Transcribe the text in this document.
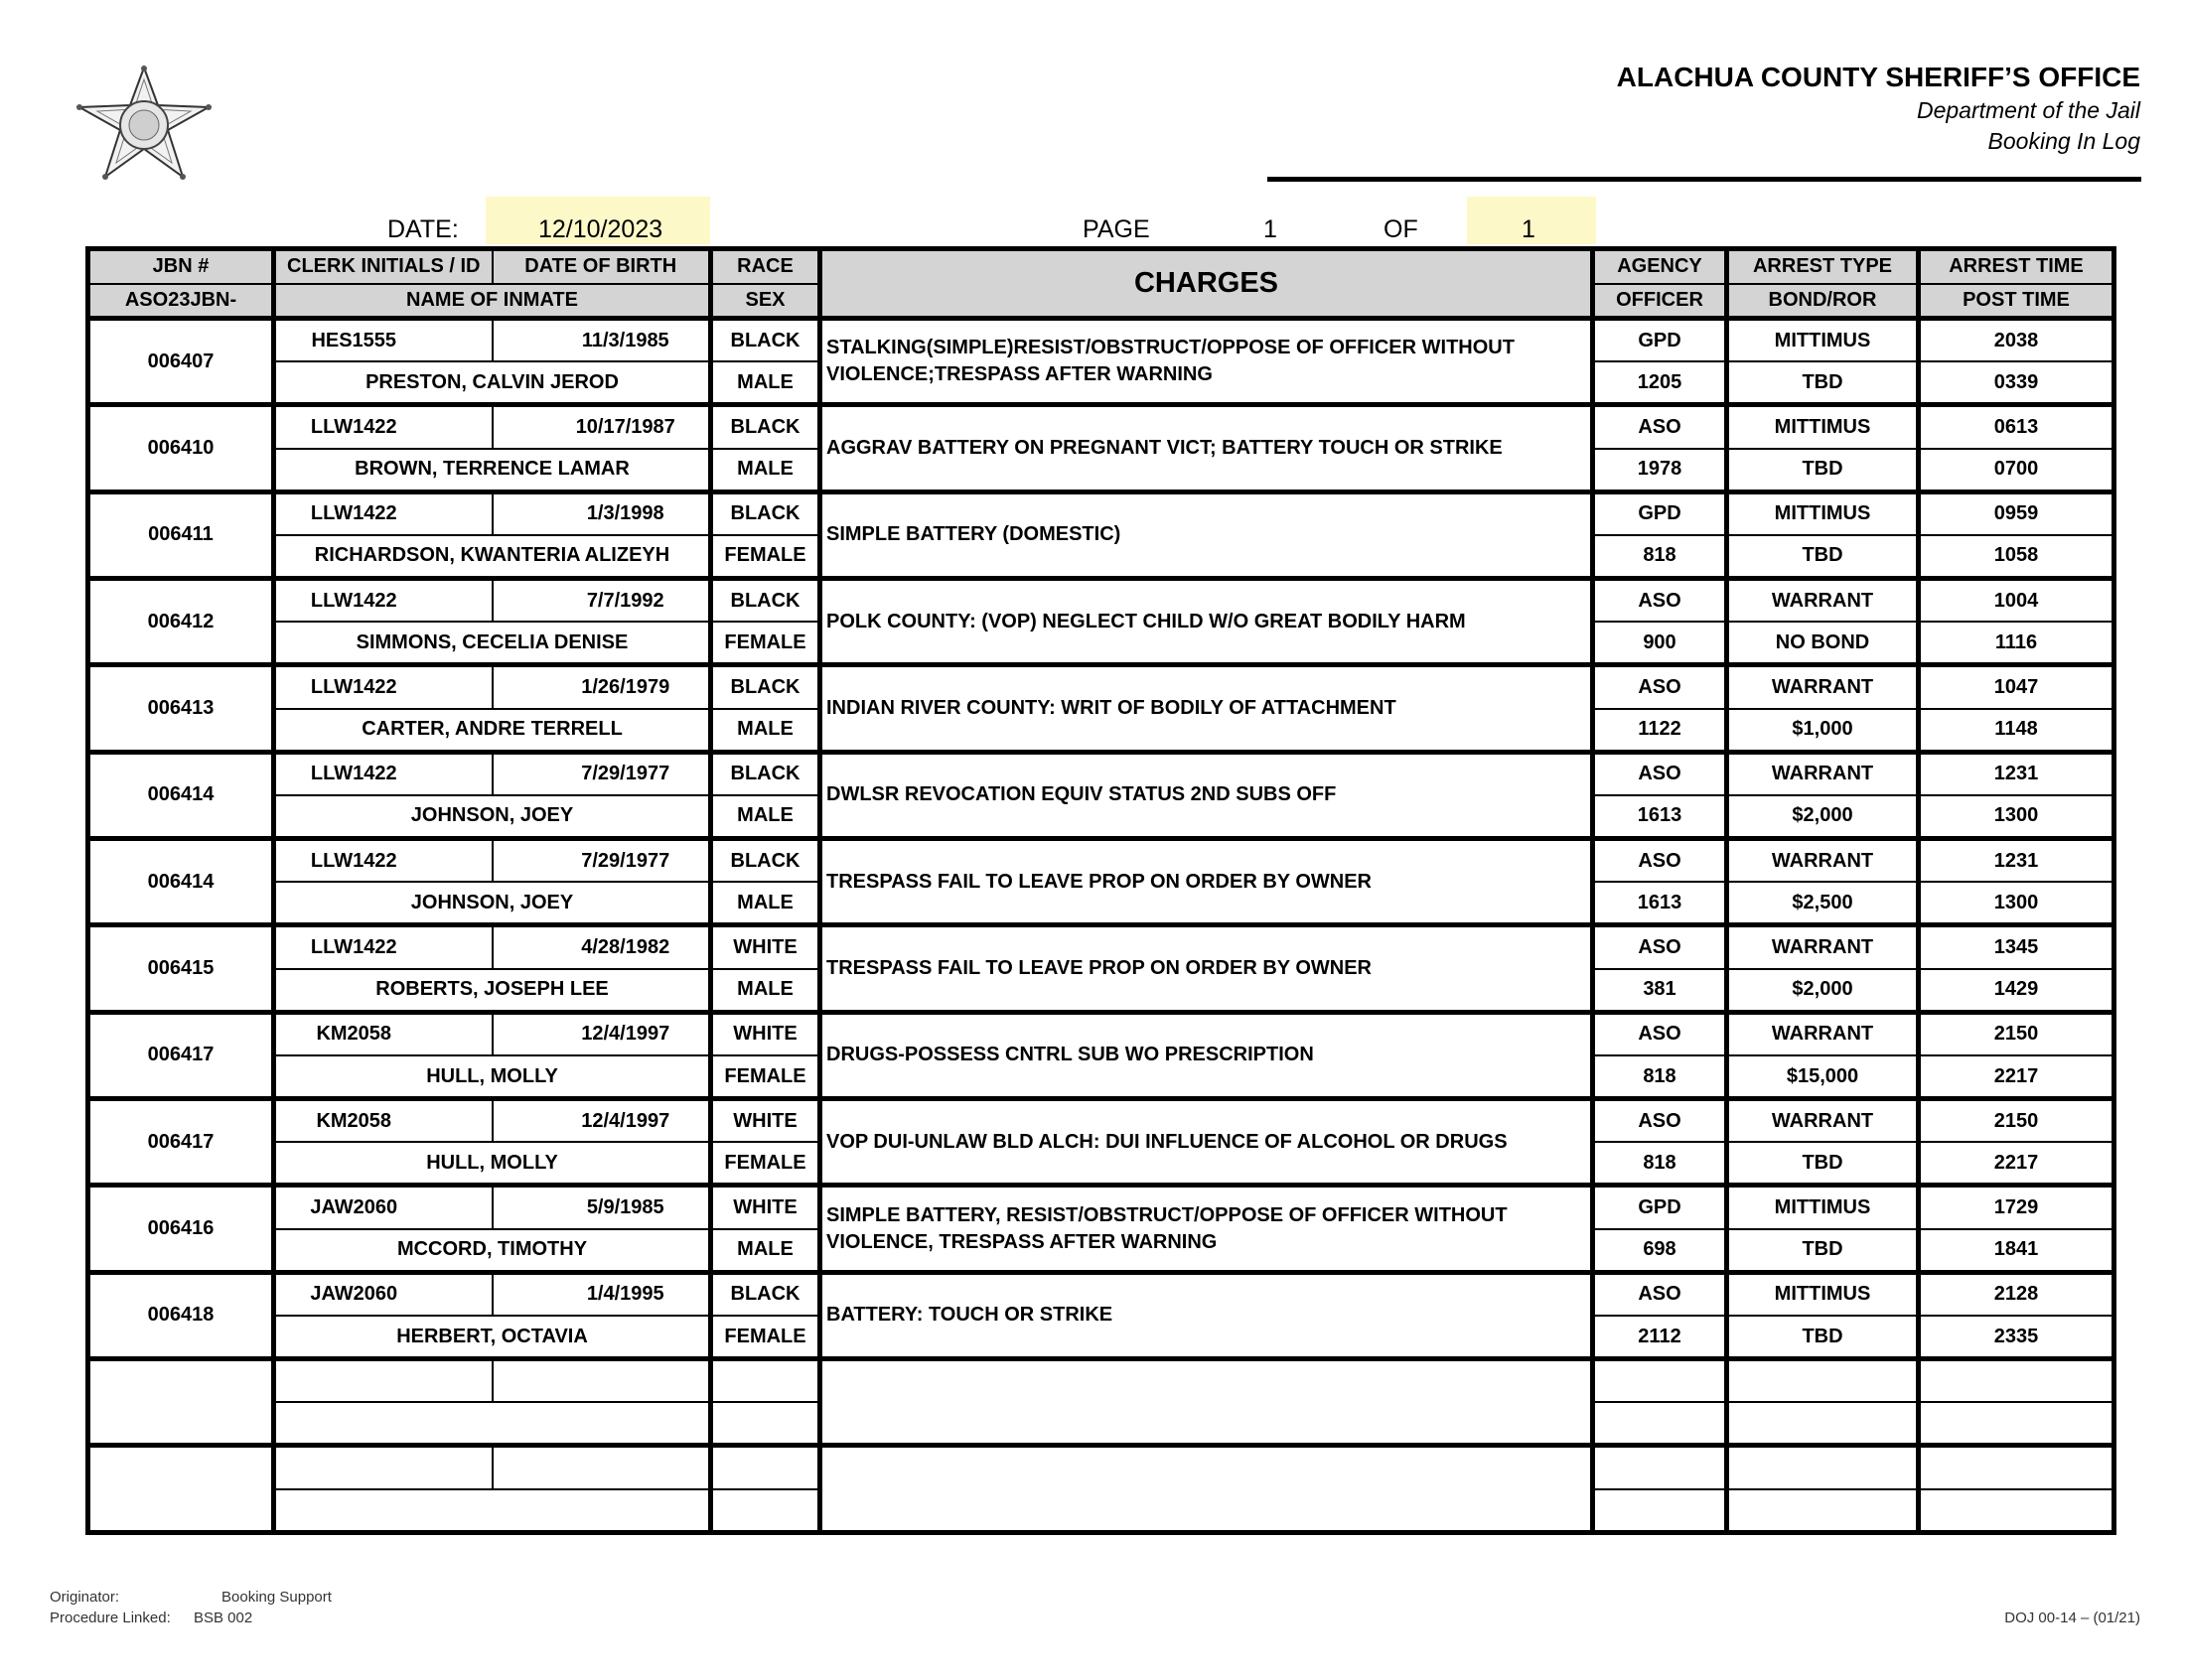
ALACHUA COUNTY SHERIFF’S OFFICE
Department of the Jail
Booking In Log
DATE:	12/10/2023	PAGE	1	OF	1
JBN #	CLERK INITIALS / ID	DATE OF BIRTH	RACE	CHARGES	AGENCY	ARREST TYPE	ARREST TIME
ASO23JBN-	NAME OF INMATE		SEX		OFFICER	BOND/ROR	POST TIME
006407	HES1555	11/3/1985	BLACK	STALKING(SIMPLE)RESIST/OBSTRUCT/OPPOSE OF OFFICER WITHOUT VIOLENCE;TRESPASS AFTER WARNING	GPD	MITTIMUS	2038
	PRESTON, CALVIN JEROD		MALE		1205	TBD	0339
006410	LLW1422	10/17/1987	BLACK	AGGRAV BATTERY ON PREGNANT VICT; BATTERY TOUCH OR STRIKE	ASO	MITTIMUS	0613
	BROWN, TERRENCE LAMAR		MALE		1978	TBD	0700
006411	LLW1422	1/3/1998	BLACK	SIMPLE BATTERY (DOMESTIC)	GPD	MITTIMUS	0959
	RICHARDSON, KWANTERIA ALIZEYH		FEMALE		818	TBD	1058
006412	LLW1422	7/7/1992	BLACK	POLK COUNTY: (VOP) NEGLECT CHILD W/O GREAT BODILY HARM	ASO	WARRANT	1004
	SIMMONS, CECELIA DENISE		FEMALE		900	NO BOND	1116
006413	LLW1422	1/26/1979	BLACK	INDIAN RIVER COUNTY: WRIT OF BODILY OF ATTACHMENT	ASO	WARRANT	1047
	CARTER, ANDRE TERRELL		MALE		1122	$1,000	1148
006414	LLW1422	7/29/1977	BLACK	DWLSR REVOCATION EQUIV STATUS 2ND SUBS OFF	ASO	WARRANT	1231
	JOHNSON, JOEY		MALE		1613	$2,000	1300
006414	LLW1422	7/29/1977	BLACK	TRESPASS FAIL TO LEAVE PROP ON ORDER BY OWNER	ASO	WARRANT	1231
	JOHNSON, JOEY		MALE		1613	$2,500	1300
006415	LLW1422	4/28/1982	WHITE	TRESPASS FAIL TO LEAVE PROP ON ORDER BY OWNER	ASO	WARRANT	1345
	ROBERTS, JOSEPH LEE		MALE		381	$2,000	1429
006417	KM2058	12/4/1997	WHITE	DRUGS-POSSESS CNTRL SUB WO PRESCRIPTION	ASO	WARRANT	2150
	HULL, MOLLY		FEMALE		818	$15,000	2217
006417	KM2058	12/4/1997	WHITE	VOP DUI-UNLAW BLD ALCH: DUI INFLUENCE OF ALCOHOL OR DRUGS	ASO	WARRANT	2150
	HULL, MOLLY		FEMALE		818	TBD	2217
006416	JAW2060	5/9/1985	WHITE	SIMPLE BATTERY, RESIST/OBSTRUCT/OPPOSE OF OFFICER WITHOUT VIOLENCE, TRESPASS AFTER WARNING	GPD	MITTIMUS	1729
	MCCORD, TIMOTHY		MALE		698	TBD	1841
006418	JAW2060	1/4/1995	BLACK	BATTERY: TOUCH OR STRIKE	ASO	MITTIMUS	2128
	HERBERT, OCTAVIA		FEMALE		2112	TBD	2335

Originator:	Booking Support
Procedure Linked: BSB 002	DOJ 00-14 – (01/21)
